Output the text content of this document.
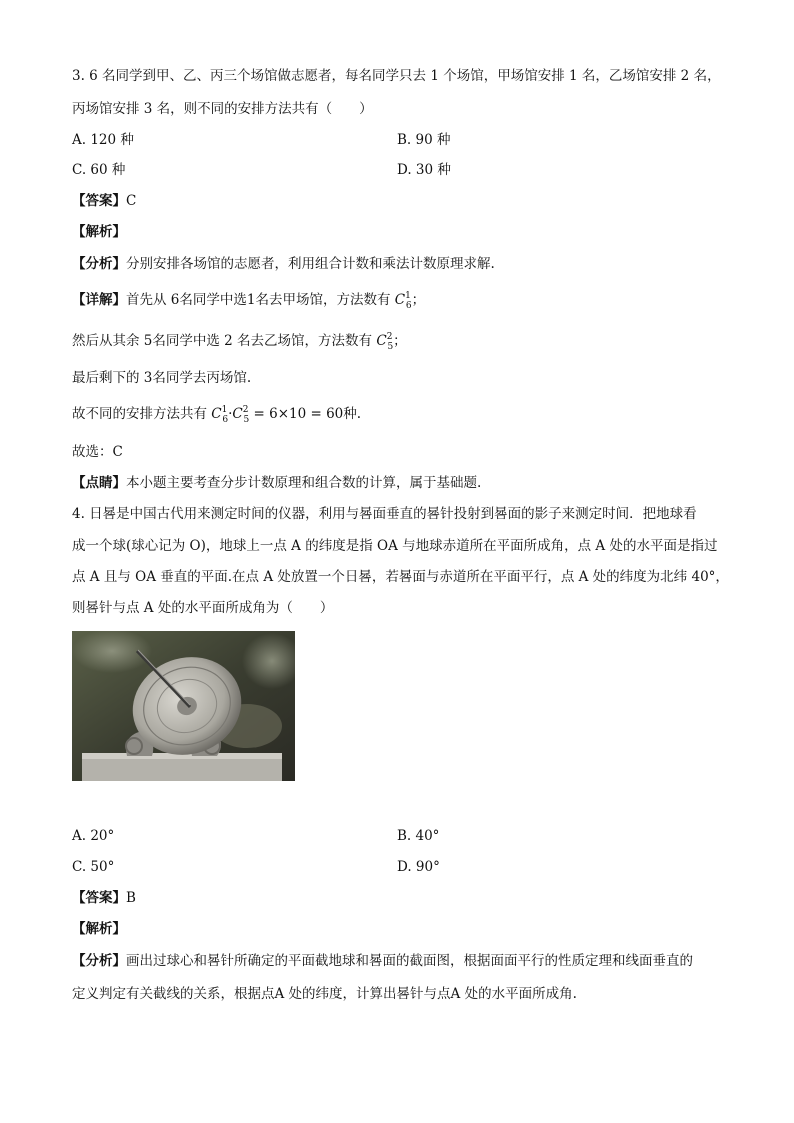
3. 6 名同学到甲、乙、丙三个场馆做志愿者，每名同学只去 1 个场馆，甲场馆安排 1 名，乙场馆安排 2 名，
丙场馆安排 3 名，则不同的安排方法共有（　　）
A. 120 种	B. 90 种
C. 60 种	D. 30 种
【答案】C
【解析】
【分析】分别安排各场馆的志愿者，利用组合计数和乘法计数原理求解.
【详解】首先从 6名同学中选1名去甲场馆，方法数有 $C^1_6$；
然后从其余 5名同学中选 2 名去乙场馆，方法数有 $C^2_5$；
最后剩下的 3名同学去丙场馆.
故不同的安排方法共有 $C^1_6\cdot C^2_5 = 6\times 10 = 60$种.
故选：C
【点睛】本小题主要考查分步计数原理和组合数的计算，属于基础题.
4. 日晷是中国古代用来测定时间的仪器，利用与晷面垂直的晷针投射到晷面的影子来测定时间．把地球看
成一个球(球心记为 O)，地球上一点 A 的纬度是指 OA 与地球赤道所在平面所成角，点 A 处的水平面是指过
点 A 且与 OA 垂直的平面.在点 A 处放置一个日晷，若晷面与赤道所在平面平行，点 A 处的纬度为北纬 40°，
则晷针与点 A 处的水平面所成角为（　　）
A. 20°	B. 40°
C. 50°	D. 90°
【答案】B
【解析】
【分析】画出过球心和晷针所确定的平面截地球和晷面的截面图，根据面面平行的性质定理和线面垂直的
定义判定有关截线的关系，根据点A 处的纬度，计算出晷针与点A 处的水平面所成角.
